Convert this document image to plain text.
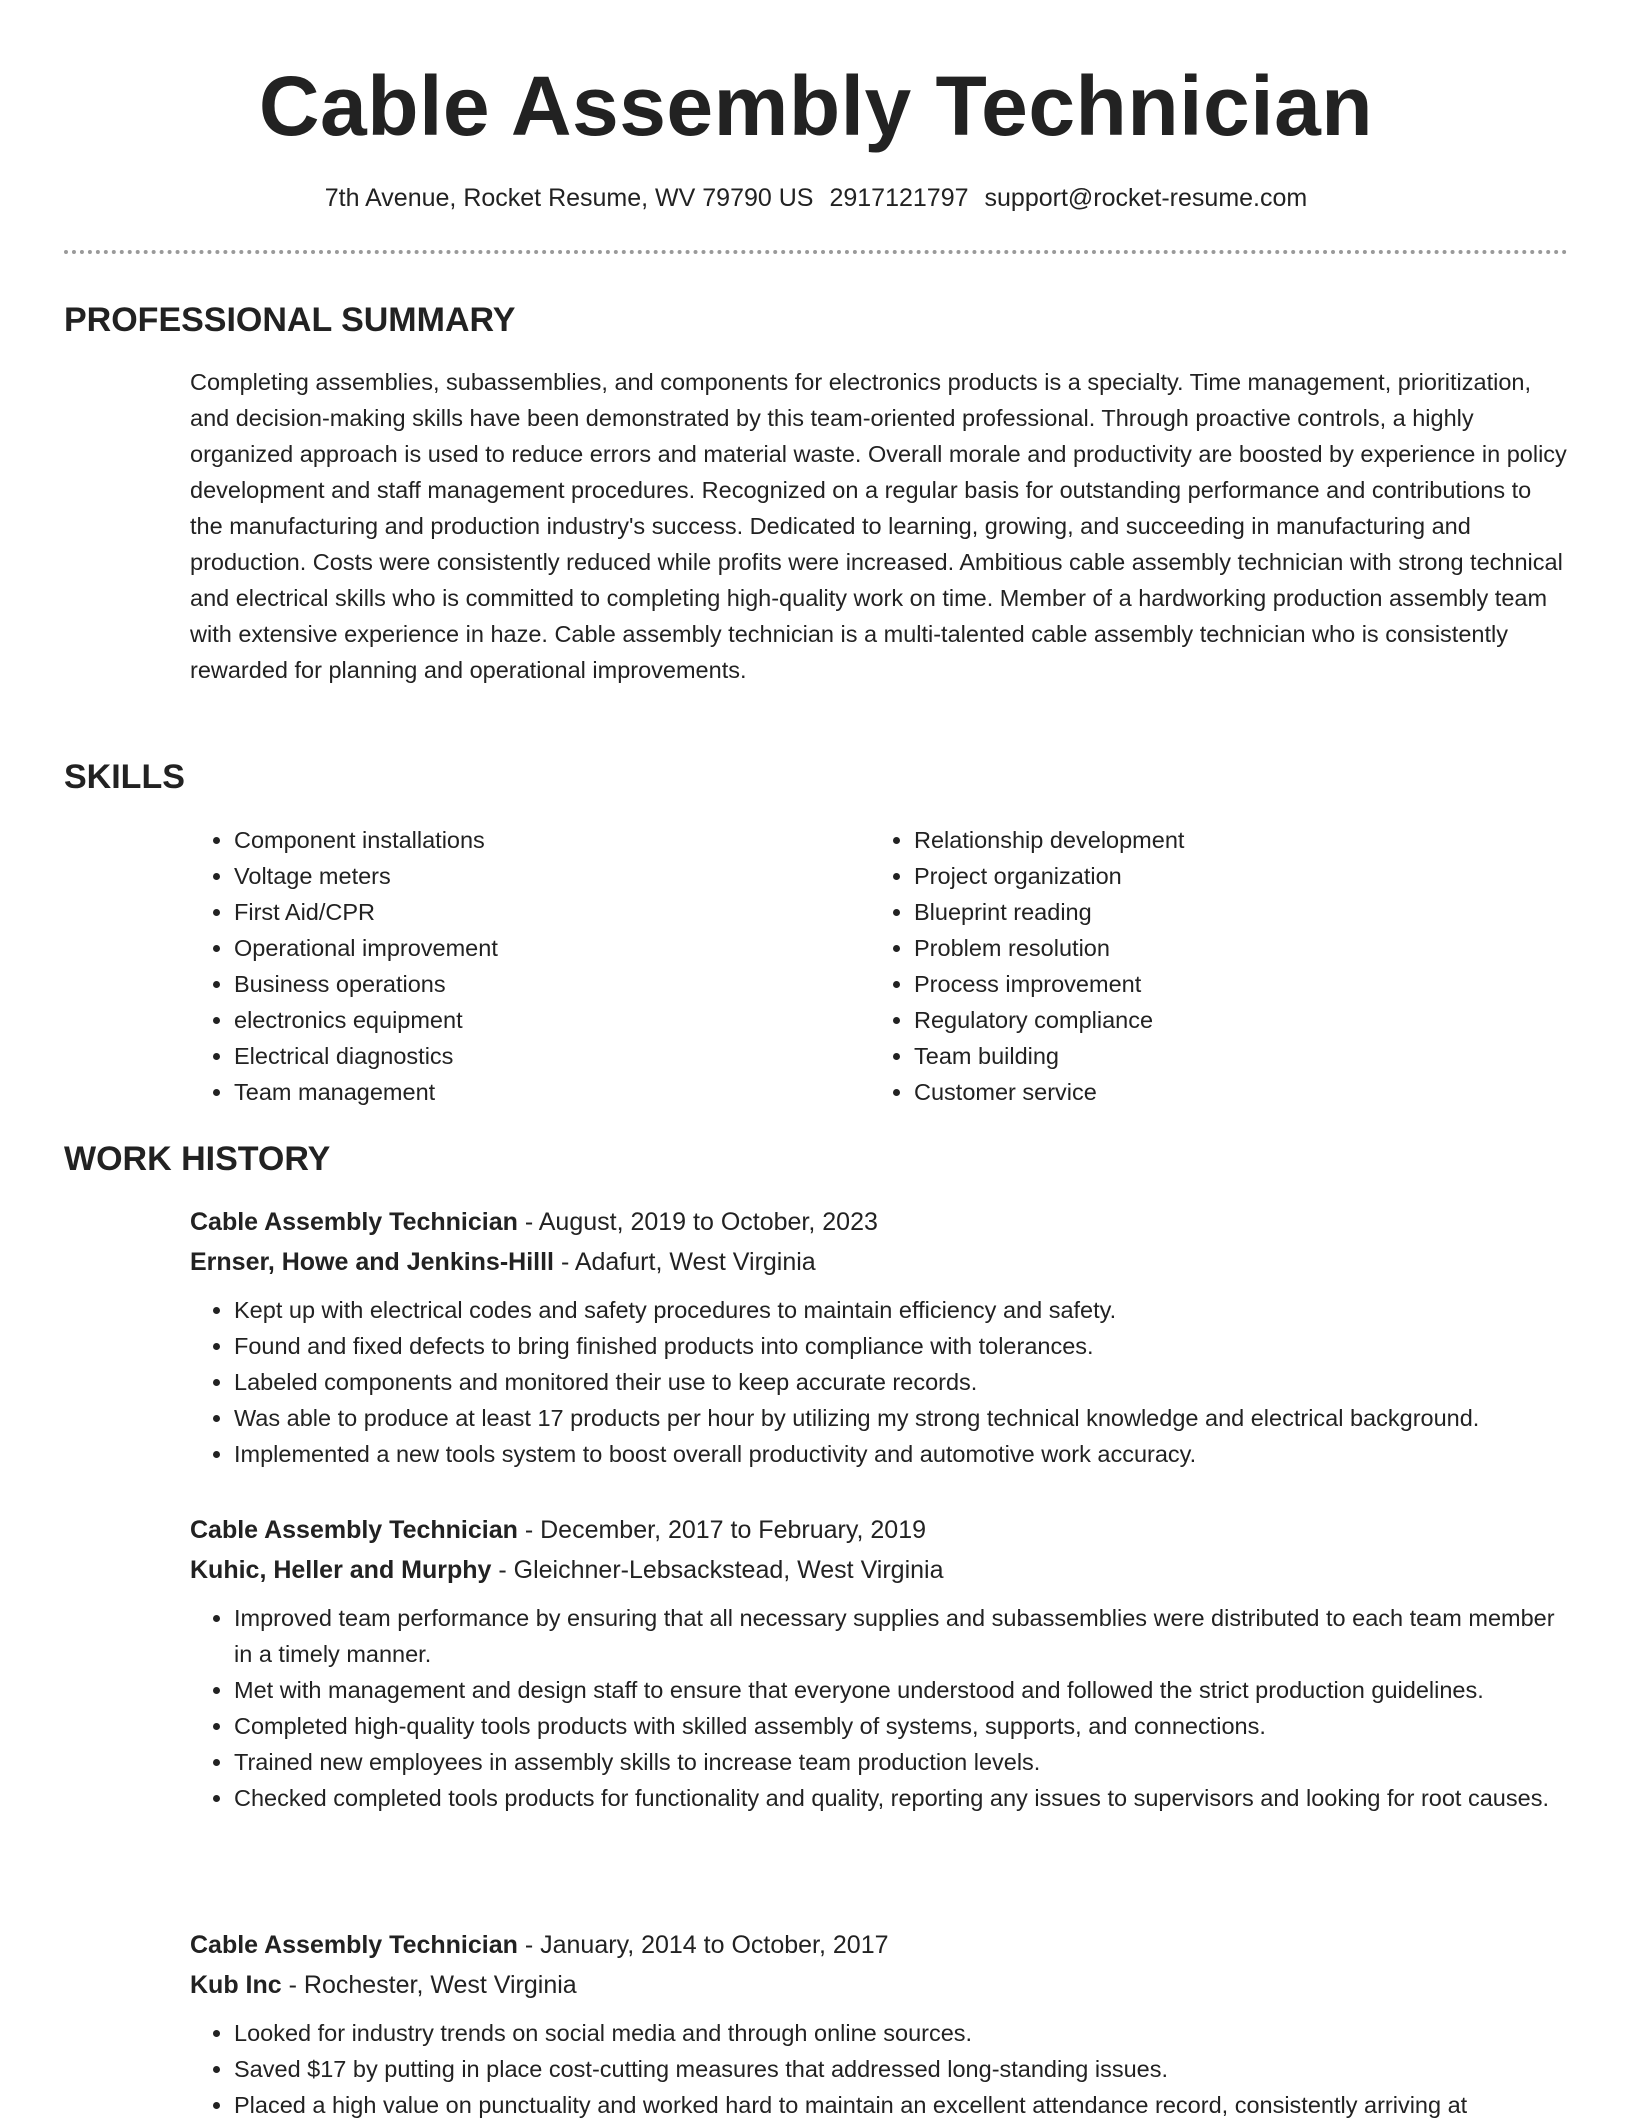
Cable Assembly Technician
7th Avenue, Rocket Resume, WV 79790 US 2917121797 support@rocket-resume.com
PROFESSIONAL SUMMARY

Completing assemblies, subassemblies, and components for electronics products is a specialty. Time management, prioritization, and decision-making skills have been demonstrated by this team-oriented professional. Through proactive controls, a highly organized approach is used to reduce errors and material waste. Overall morale and productivity are boosted by experience in policy development and staff management procedures. Recognized on a regular basis for outstanding performance and contributions to the manufacturing and production industry's success. Dedicated to learning, growing, and succeeding in manufacturing and production. Costs were consistently reduced while profits were increased. Ambitious cable assembly technician with strong technical and electrical skills who is committed to completing high-quality work on time. Member of a hardworking production assembly team with extensive experience in haze. Cable assembly technician is a multi-talented cable assembly technician who is consistently rewarded for planning and operational improvements.

SKILLS
• Component installations
• Voltage meters
• First Aid/CPR
• Operational improvement
• Business operations
• electronics equipment
• Electrical diagnostics
• Team management
• Relationship development
• Project organization
• Blueprint reading
• Problem resolution
• Process improvement
• Regulatory compliance
• Team building
• Customer service
WORK HISTORY
Cable Assembly Technician - August, 2019 to October, 2023
Ernser, Howe and Jenkins-Hilll - Adafurt, West Virginia
• Kept up with electrical codes and safety procedures to maintain efficiency and safety.
• Found and fixed defects to bring finished products into compliance with tolerances.
• Labeled components and monitored their use to keep accurate records.
• Was able to produce at least 17 products per hour by utilizing my strong technical knowledge and electrical background.
• Implemented a new tools system to boost overall productivity and automotive work accuracy.
Cable Assembly Technician - December, 2017 to February, 2019
Kuhic, Heller and Murphy - Gleichner-Lebsackstead, West Virginia
• Improved team performance by ensuring that all necessary supplies and subassemblies were distributed to each team member in a timely manner.
• Met with management and design staff to ensure that everyone understood and followed the strict production guidelines.
• Completed high-quality tools products with skilled assembly of systems, supports, and connections.
• Trained new employees in assembly skills to increase team production levels.
• Checked completed tools products for functionality and quality, reporting any issues to supervisors and looking for root causes.
Cable Assembly Technician - January, 2014 to October, 2017
Kub Inc - Rochester, West Virginia
• Looked for industry trends on social media and through online sources.
• Saved $17 by putting in place cost-cutting measures that addressed long-standing issues.
• Placed a high value on punctuality and worked hard to maintain an excellent attendance record, consistently arriving at
